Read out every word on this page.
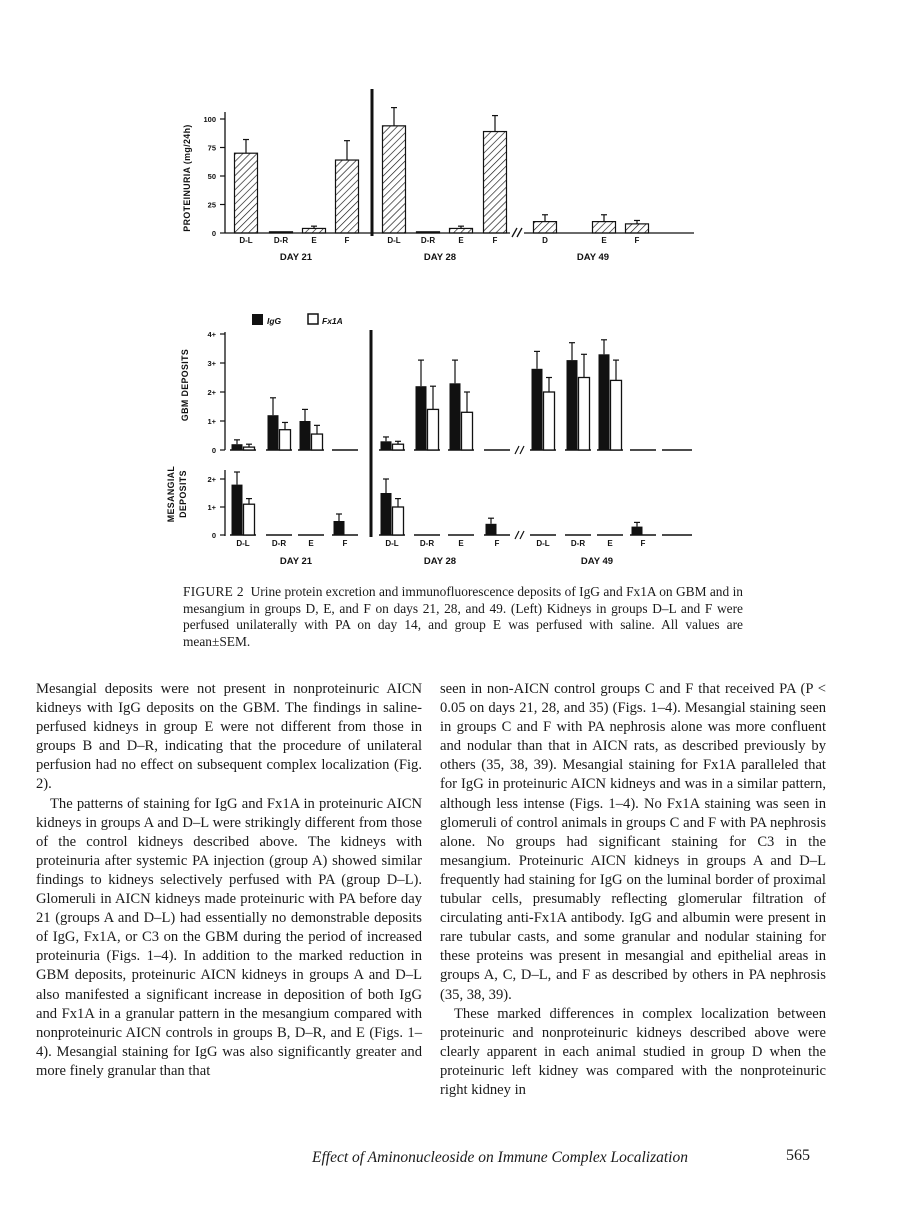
PROTEINURIA (mg/24h)
0
25
50
75
100
D-L	D-R	E	F	D-L	D-R	E	F	D	E	F
DAY 21	DAY 28	DAY 49
IgG	Fx1A
GBM DEPOSITS
0
1+
2+
3+
4+
MESANGIAL DEPOSITS
0
1+
2+
D-L	D-R	E	F	D-L	D-R	E	F	D-L	D-R	E	F
DAY 21	DAY 28	DAY 49
FIGURE 2 Urine protein excretion and immunofluorescence deposits of IgG and Fx1A on GBM and in mesangium in groups D, E, and F on days 21, 28, and 49. (Left) Kidneys in groups D–L and F were perfused unilaterally with PA on day 14, and group E was perfused with saline. All values are mean±SEM.

Mesangial deposits were not present in nonproteinuric AICN kidneys with IgG deposits on the GBM. The findings in saline-perfused kidneys in group E were not different from those in groups B and D–R, indicating that the procedure of unilateral perfusion had no effect on subsequent complex localization (Fig. 2).

The patterns of staining for IgG and Fx1A in proteinuric AICN kidneys in groups A and D–L were strikingly different from those of the control kidneys described above. The kidneys with proteinuria after systemic PA injection (group A) showed similar findings to kidneys selectively perfused with PA (group D–L). Glomeruli in AICN kidneys made proteinuric with PA before day 21 (groups A and D–L) had essentially no demonstrable deposits of IgG, Fx1A, or C3 on the GBM during the period of increased proteinuria (Figs. 1–4). In addition to the marked reduction in GBM deposits, proteinuric AICN kidneys in groups A and D–L also manifested a significant increase in deposition of both IgG and Fx1A in a granular pattern in the mesangium compared with nonproteinuric AICN controls in groups B, D–R, and E (Figs. 1–4). Mesangial staining for IgG was also significantly greater and more finely granular than that

seen in non-AICN control groups C and F that received PA (P < 0.05 on days 21, 28, and 35) (Figs. 1–4). Mesangial staining seen in groups C and F with PA nephrosis alone was more confluent and nodular than that in AICN rats, as described previously by others (35, 38, 39). Mesangial staining for Fx1A paralleled that for IgG in proteinuric AICN kidneys and was in a similar pattern, although less intense (Figs. 1–4). No Fx1A staining was seen in glomeruli of control animals in groups C and F with PA nephrosis alone. No groups had significant staining for C3 in the mesangium. Proteinuric AICN kidneys in groups A and D–L frequently had staining for IgG on the luminal border of proximal tubular cells, presumably reflecting glomerular filtration of circulating anti-Fx1A antibody. IgG and albumin were present in rare tubular casts, and some granular and nodular staining for these proteins was present in mesangial and epithelial areas in groups A, C, D–L, and F as described by others in PA nephrosis (35, 38, 39).

These marked differences in complex localization between proteinuric and nonproteinuric kidneys described above were clearly apparent in each animal studied in group D when the proteinuric left kidney was compared with the nonproteinuric right kidney in

Effect of Aminonucleoside on Immune Complex Localization	565
